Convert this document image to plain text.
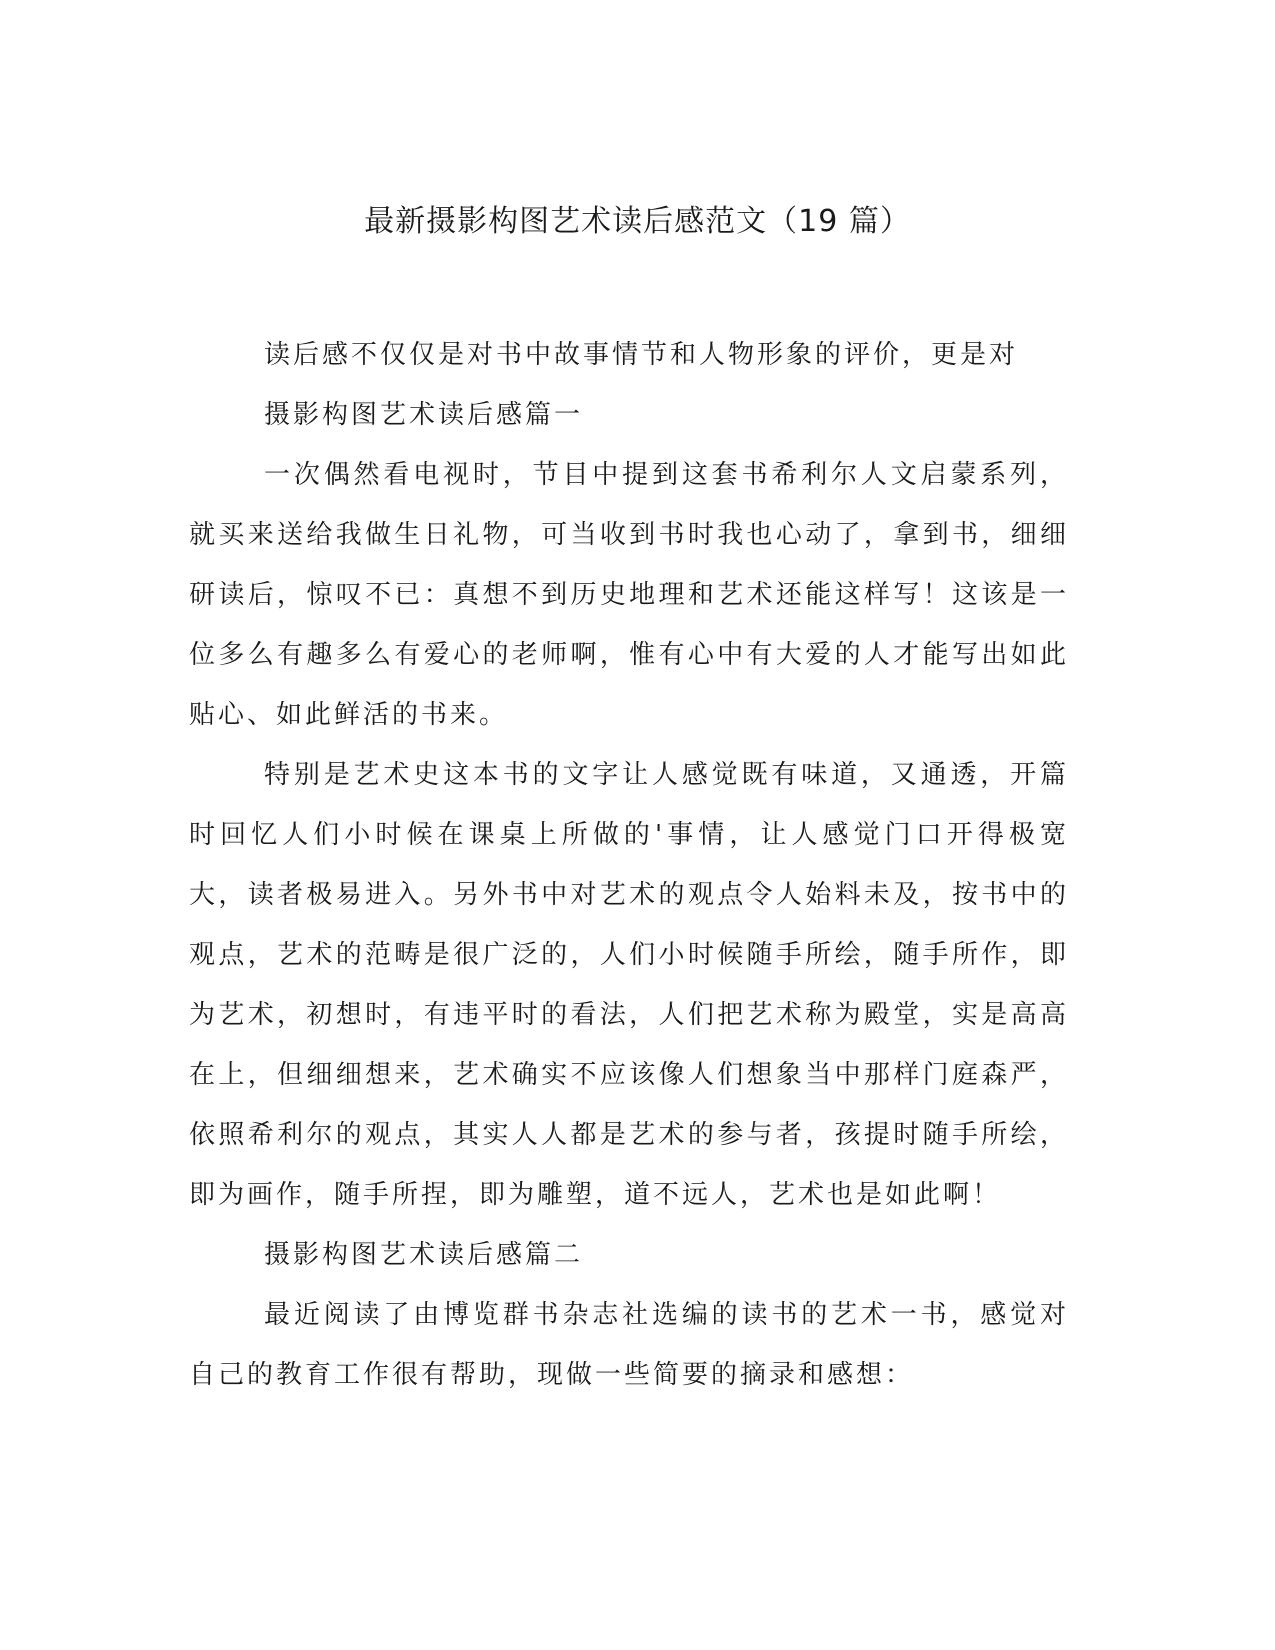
最新摄影构图艺术读后感范文（19 篇）

读后感不仅仅是对书中故事情节和人物形象的评价，更是对

摄影构图艺术读后感篇一

一次偶然看电视时，节目中提到这套书希利尔人文启蒙系列，就买来送给我做生日礼物，可当收到书时我也心动了，拿到书，细细研读后，惊叹不已：真想不到历史地理和艺术还能这样写！这该是一位多么有趣多么有爱心的老师啊，惟有心中有大爱的人才能写出如此贴心、如此鲜活的书来。

特别是艺术史这本书的文字让人感觉既有味道，又通透，开篇时回忆人们小时候在课桌上所做的'事情，让人感觉门口开得极宽大，读者极易进入。另外书中对艺术的观点令人始料未及，按书中的观点，艺术的范畴是很广泛的，人们小时候随手所绘，随手所作，即为艺术，初想时，有违平时的看法，人们把艺术称为殿堂，实是高高在上，但细细想来，艺术确实不应该像人们想象当中那样门庭森严，依照希利尔的观点，其实人人都是艺术的参与者，孩提时随手所绘，即为画作，随手所捏，即为雕塑，道不远人，艺术也是如此啊！

摄影构图艺术读后感篇二

最近阅读了由博览群书杂志社选编的读书的艺术一书，感觉对自己的教育工作很有帮助，现做一些简要的摘录和感想：
